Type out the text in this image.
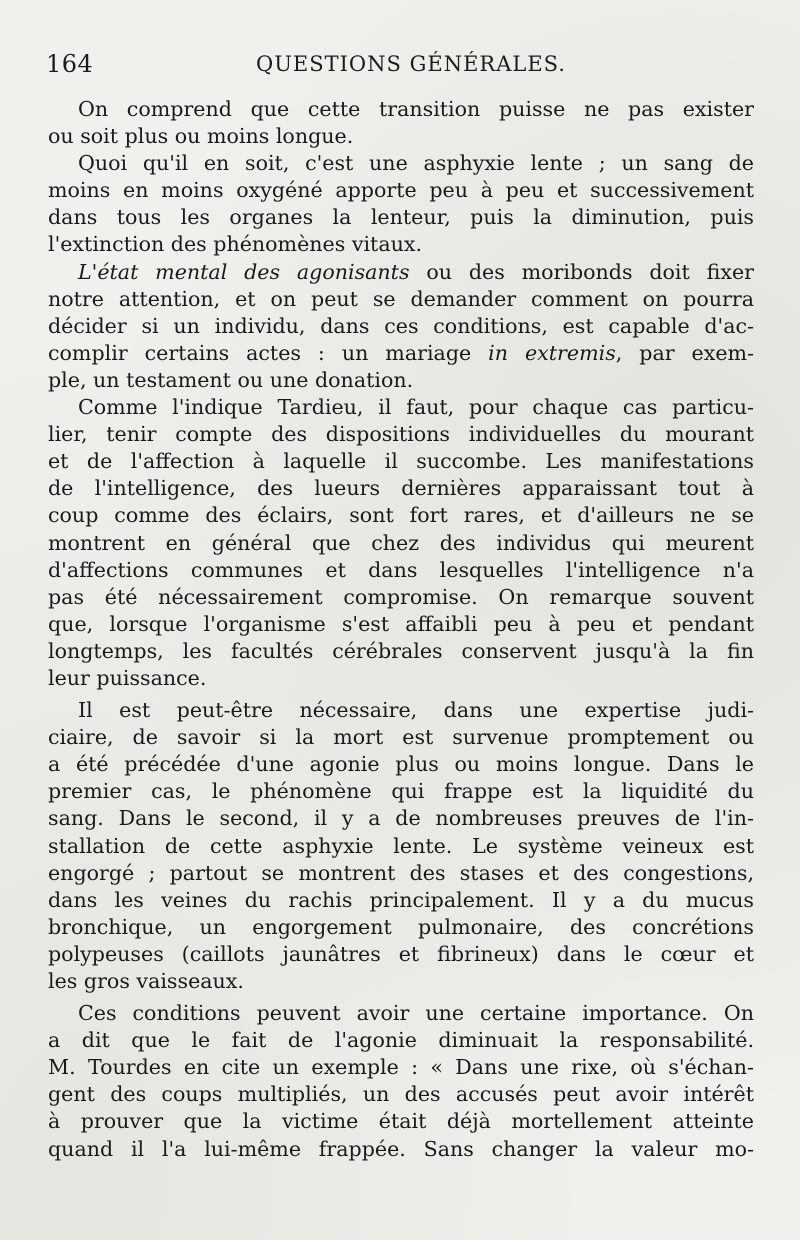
164	QUESTIONS GÉNÉRALES.
On comprend que cette transition puisse ne pas exister
ou soit plus ou moins longue.
Quoi qu'il en soit, c'est une asphyxie lente ; un sang de
moins en moins oxygéné apporte peu à peu et successivement
dans tous les organes la lenteur, puis la diminution, puis
l'extinction des phénomènes vitaux.
L'état mental des agonisants ou des moribonds doit fixer
notre attention, et on peut se demander comment on pourra
décider si un individu, dans ces conditions, est capable d'ac-
complir certains actes : un mariage in extremis, par exem-
ple, un testament ou une donation.
Comme l'indique Tardieu, il faut, pour chaque cas particu-
lier, tenir compte des dispositions individuelles du mourant
et de l'affection à laquelle il succombe. Les manifestations
de l'intelligence, des lueurs dernières apparaissant tout à
coup comme des éclairs, sont fort rares, et d'ailleurs ne se
montrent en général que chez des individus qui meurent
d'affections communes et dans lesquelles l'intelligence n'a
pas été nécessairement compromise. On remarque souvent
que, lorsque l'organisme s'est affaibli peu à peu et pendant
longtemps, les facultés cérébrales conservent jusqu'à la fin
leur puissance.
Il est peut-être nécessaire, dans une expertise judi-
ciaire, de savoir si la mort est survenue promptement ou
a été précédée d'une agonie plus ou moins longue. Dans le
premier cas, le phénomène qui frappe est la liquidité du
sang. Dans le second, il y a de nombreuses preuves de l'in-
stallation de cette asphyxie lente. Le système veineux est
engorgé ; partout se montrent des stases et des congestions,
dans les veines du rachis principalement. Il y a du mucus
bronchique, un engorgement pulmonaire, des concrétions
polypeuses (caillots jaunâtres et fibrineux) dans le cœur et
les gros vaisseaux.
Ces conditions peuvent avoir une certaine importance. On
a dit que le fait de l'agonie diminuait la responsabilité.
M. Tourdes en cite un exemple : « Dans une rixe, où s'échan-
gent des coups multipliés, un des accusés peut avoir intérêt
à prouver que la victime était déjà mortellement atteinte
quand il l'a lui-même frappée. Sans changer la valeur mo-
